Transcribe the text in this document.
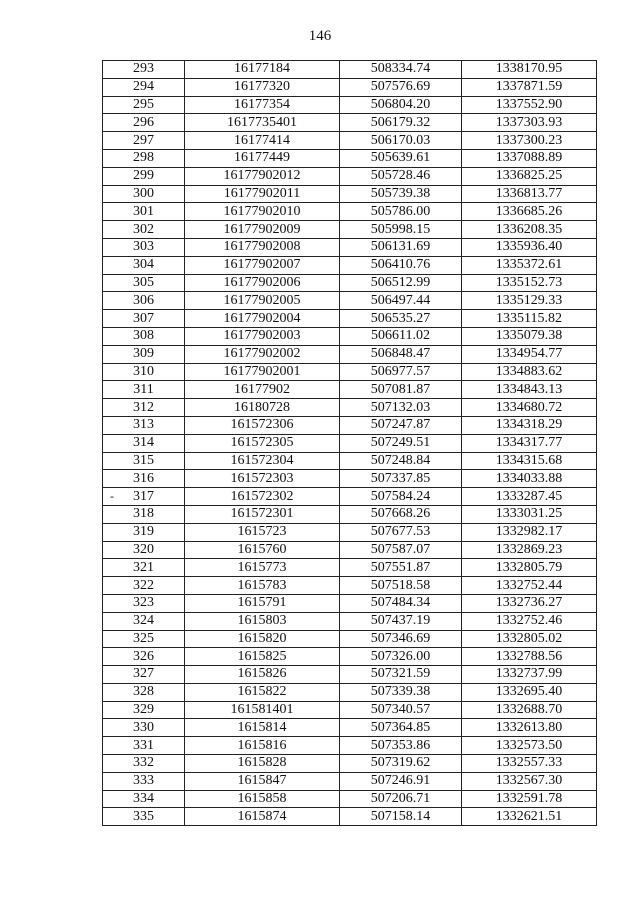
146
-
293	16177184	508334.74	1338170.95
294	16177320	507576.69	1337871.59
295	16177354	506804.20	1337552.90
296	1617735401	506179.32	1337303.93
297	16177414	506170.03	1337300.23
298	16177449	505639.61	1337088.89
299	16177902012	505728.46	1336825.25
300	16177902011	505739.38	1336813.77
301	16177902010	505786.00	1336685.26
302	16177902009	505998.15	1336208.35
303	16177902008	506131.69	1335936.40
304	16177902007	506410.76	1335372.61
305	16177902006	506512.99	1335152.73
306	16177902005	506497.44	1335129.33
307	16177902004	506535.27	1335115.82
308	16177902003	506611.02	1335079.38
309	16177902002	506848.47	1334954.77
310	16177902001	506977.57	1334883.62
311	16177902	507081.87	1334843.13
312	16180728	507132.03	1334680.72
313	161572306	507247.87	1334318.29
314	161572305	507249.51	1334317.77
315	161572304	507248.84	1334315.68
316	161572303	507337.85	1334033.88
317	161572302	507584.24	1333287.45
318	161572301	507668.26	1333031.25
319	1615723	507677.53	1332982.17
320	1615760	507587.07	1332869.23
321	1615773	507551.87	1332805.79
322	1615783	507518.58	1332752.44
323	1615791	507484.34	1332736.27
324	1615803	507437.19	1332752.46
325	1615820	507346.69	1332805.02
326	1615825	507326.00	1332788.56
327	1615826	507321.59	1332737.99
328	1615822	507339.38	1332695.40
329	161581401	507340.57	1332688.70
330	1615814	507364.85	1332613.80
331	1615816	507353.86	1332573.50
332	1615828	507319.62	1332557.33
333	1615847	507246.91	1332567.30
334	1615858	507206.71	1332591.78
335	1615874	507158.14	1332621.51
